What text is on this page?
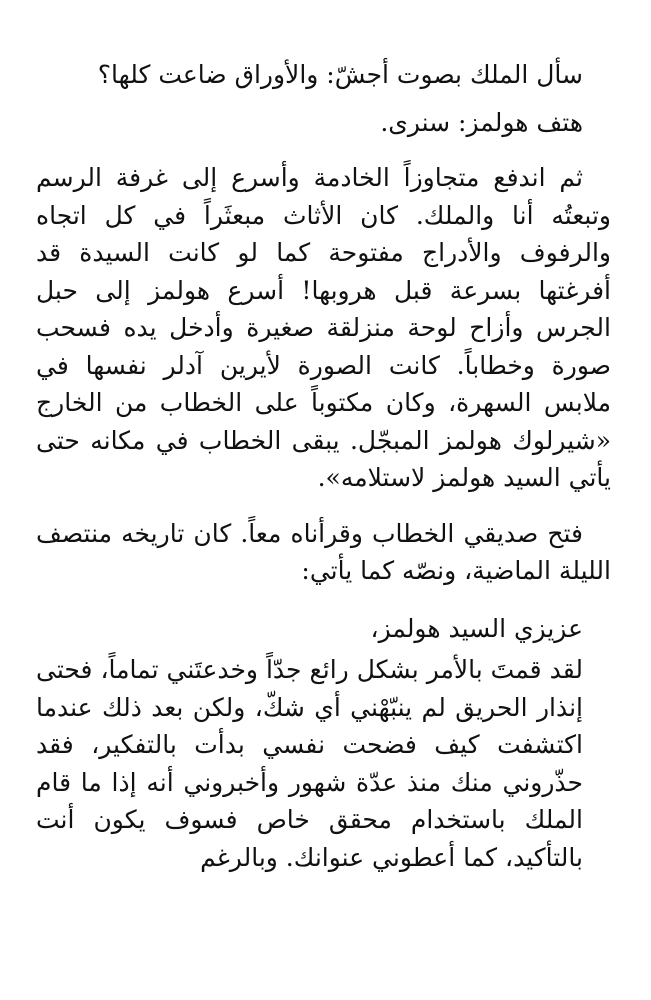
سأل الملك بصوت أجشّ: والأوراق ضاعت كلها؟

هتف هولمز: سنرى.

ثم اندفع متجاوزاً الخادمة وأسرع إلى غرفة الرسم وتبعتُه أنا والملك. كان الأثاث مبعثَراً في كل اتجاه والرفوف والأدراج مفتوحة كما لو كانت السيدة قد أفرغتها بسرعة قبل هروبها! أسرع هولمز إلى حبل الجرس وأزاح لوحة منزلقة صغيرة وأدخل يده فسحب صورة وخطاباً. كانت الصورة لأيرين آدلر نفسها في ملابس السهرة، وكان مكتوباً على الخطاب من الخارج «شيرلوك هولمز المبجّل. يبقى الخطاب في مكانه حتى يأتي السيد هولمز لاستلامه».

فتح صديقي الخطاب وقرأناه معاً. كان تاريخه منتصف الليلة الماضية، ونصّه كما يأتي:

عزيزي السيد هولمز،

لقد قمتَ بالأمر بشكل رائع جدّاً وخدعتَني تماماً، فحتى إنذار الحريق لم ينبّهْني أي شكّ، ولكن بعد ذلك عندما اكتشفت كيف فضحت نفسي بدأت بالتفكير، فقد حذّروني منك منذ عدّة شهور وأخبروني أنه إذا ما قام الملك باستخدام محقق خاص فسوف يكون أنت بالتأكيد، كما أعطوني عنوانك. وبالرغم
